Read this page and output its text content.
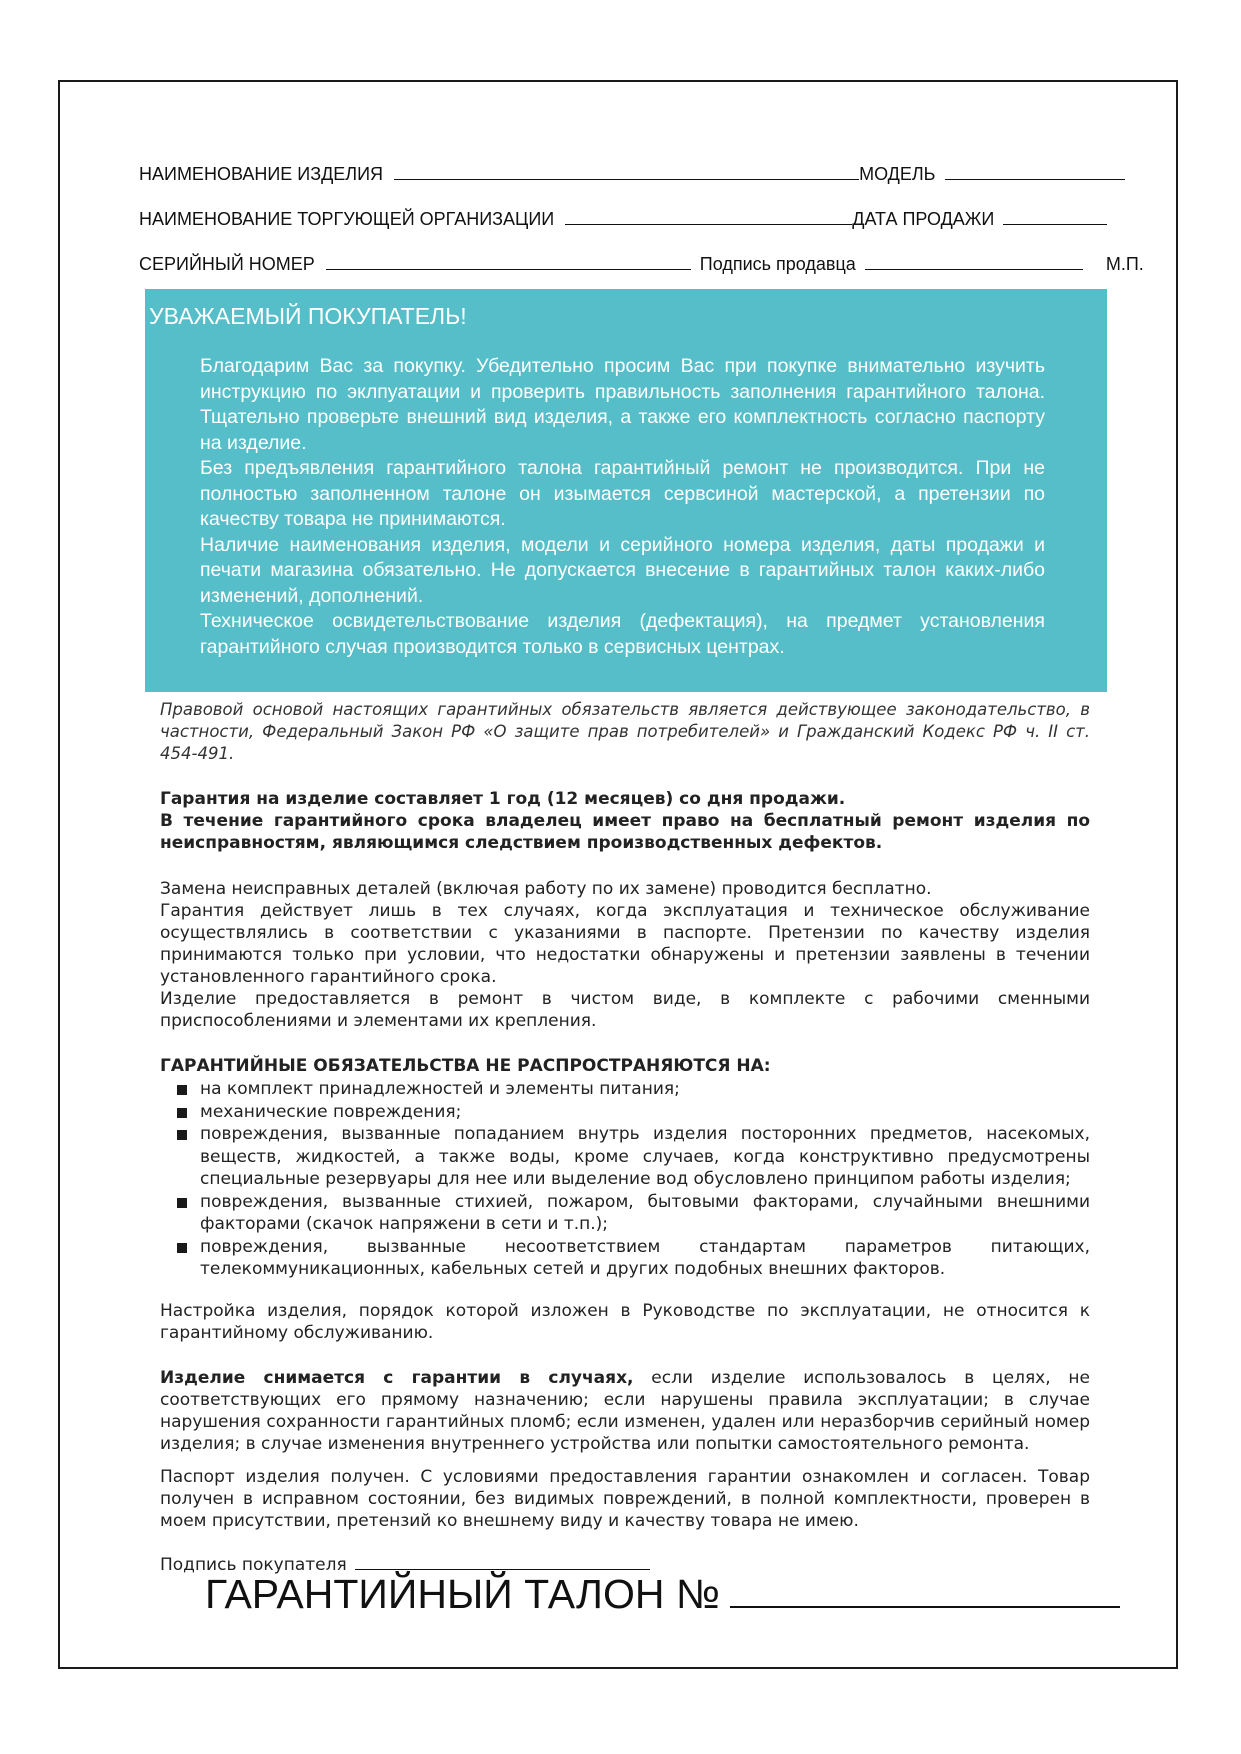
НАИМЕНОВАНИЕ ИЗДЕЛИЯ	МОДЕЛЬ
НАИМЕНОВАНИЕ ТОРГУЮЩЕЙ ОРГАНИЗАЦИИ	ДАТА ПРОДАЖИ
СЕРИЙНЫЙ НОМЕР	Подпись продавца	М.П.
УВАЖАЕМЫЙ ПОКУПАТЕЛЬ!

Благодарим Вас за покупку. Убедительно просим Вас при покупке внимательно изучить инструкцию по эклпуатации и проверить правильность заполнения гарантийного талона. Тщательно проверьте внешний вид изделия, а также его комплектность согласно паспорту на изделие.

Без предъявления гарантийного талона гарантийный ремонт не производится. При не полностью заполненном талоне он изымается сервсиной мастерской, а претензии по качеству товара не принимаются.

Наличие наименования изделия, модели и серийного номера изделия, даты продажи и печати магазина обязательно. Не допускается внесение в гарантийных талон каких-либо изменений, дополнений.

Техническое освидетельствование изделия (дефектация), на предмет установления гарантийного случая производится только в сервисных центрах.

Правовой основой настоящих гарантийных обязательств является действующее законодательство, в частности, Федеральный Закон РФ «О защите прав потребителей» и Гражданский Кодекс РФ ч. II ст. 454-491.

Гарантия на изделие составляет 1 год (12 месяцев) со дня продажи.

В течение гарантийного срока владелец имеет право на бесплатный ремонт изделия по неисправностям, являющимся следствием производственных дефектов.

Замена неисправных деталей (включая работу по их замене) проводится бесплатно.

Гарантия действует лишь в тех случаях, когда эксплуатация и техническое обслуживание осуществлялись в соответствии с указаниями в паспорте. Претензии по качеству изделия принимаются только при условии, что недостатки обнаружены и претензии заявлены в течении установленного гарантийного срока.

Изделие предоставляется в ремонт в чистом виде, в комплекте с рабочими сменными приспособлениями и элементами их крепления.

ГАРАНТИЙНЫЕ ОБЯЗАТЕЛЬСТВА НЕ РАСПРОСТРАНЯЮТСЯ НА:
на комплект принадлежностей и элементы питания;
механические повреждения;
повреждения, вызванные попаданием внутрь изделия посторонних предметов, насекомых, веществ, жидкостей, а также воды, кроме случаев, когда конструктивно предусмотрены специальные резервуары для нее или выделение вод обусловлено принципом работы изделия;
повреждения, вызванные стихией, пожаром, бытовыми факторами, случайными внешними факторами (скачок напряжени в сети и т.п.);
повреждения, вызванные несоответствием стандартам параметров питающих, телекоммуникационных, кабельных сетей и других подобных внешних факторов.
Настройка изделия, порядок которой изложен в Руководстве по эксплуатации, не относится к гарантийному обслуживанию.
Изделие снимается с гарантии в случаях, если изделие использовалось в целях, не соответствующих его прямому назначению; если нарушены правила эксплуатации; в случае нарушения сохранности гарантийных пломб; если изменен, удален или неразборчив серийный номер изделия; в случае изменения внутреннего устройства или попытки самостоятельного ремонта.
Паспорт изделия получен. С условиями предоставления гарантии ознакомлен и согласен. Товар получен в исправном состоянии, без видимых повреждений, в полной комплектности, проверен в моем присутствии, претензий ко внешнему виду и качеству товара не имею.
Подпись покупателя
ГАРАНТИЙНЫЙ ТАЛОН №
